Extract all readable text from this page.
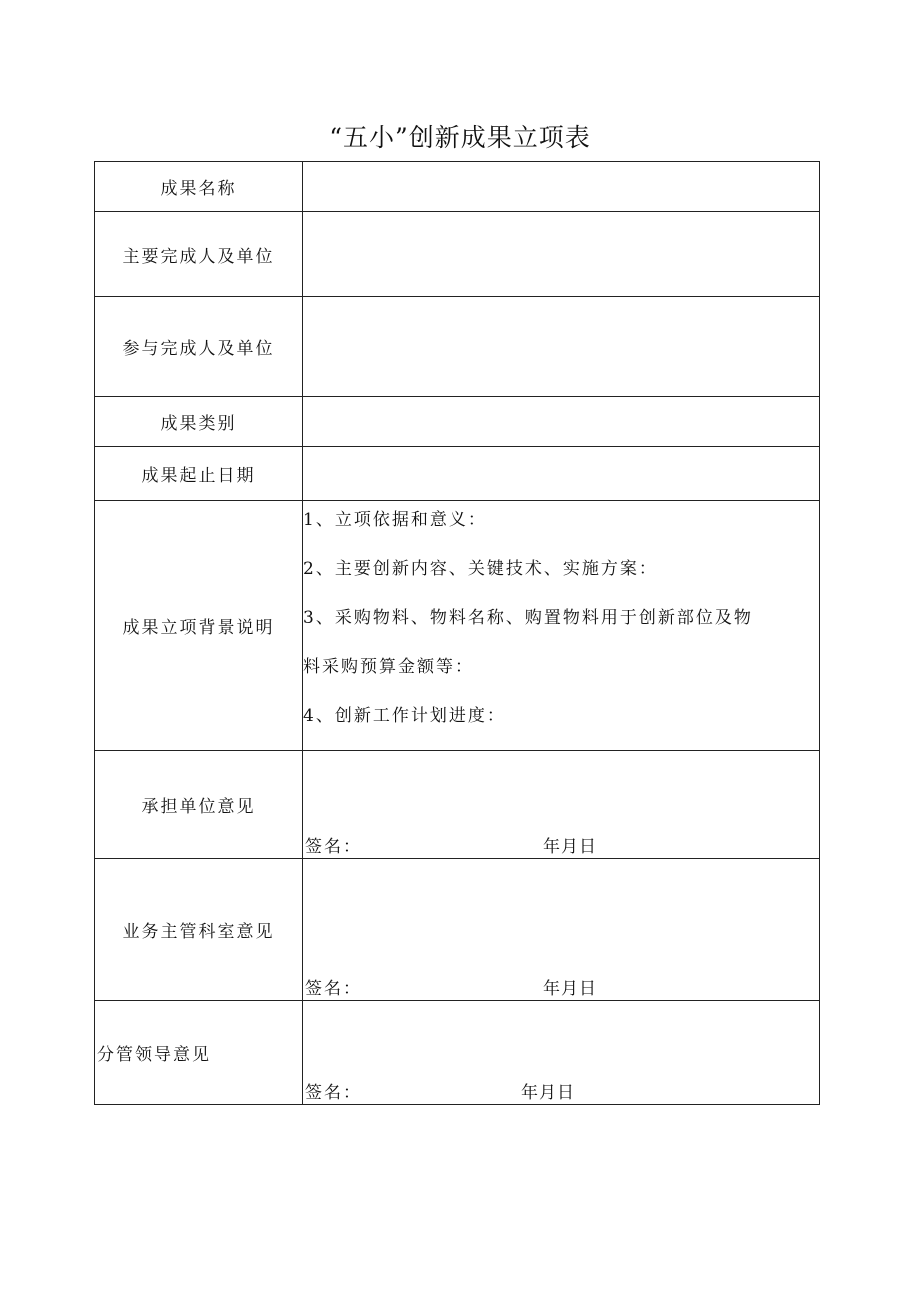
“五小”创新成果立项表
成果名称	
主要完成人及单位	
参与完成人及单位	
成果类别	
成果起止日期	
成果立项背景说明	1、立项依据和意义：
2、主要创新内容、关键技术、实施方案：
3、采购物料、物料名称、购置物料用于创新部位及物
料采购预算金额等：
4、创新工作计划进度：

承担单位意见	签名： 年月日

业务主管科室意见	签名： 年月日

分管领导意见	签名： 年月日
